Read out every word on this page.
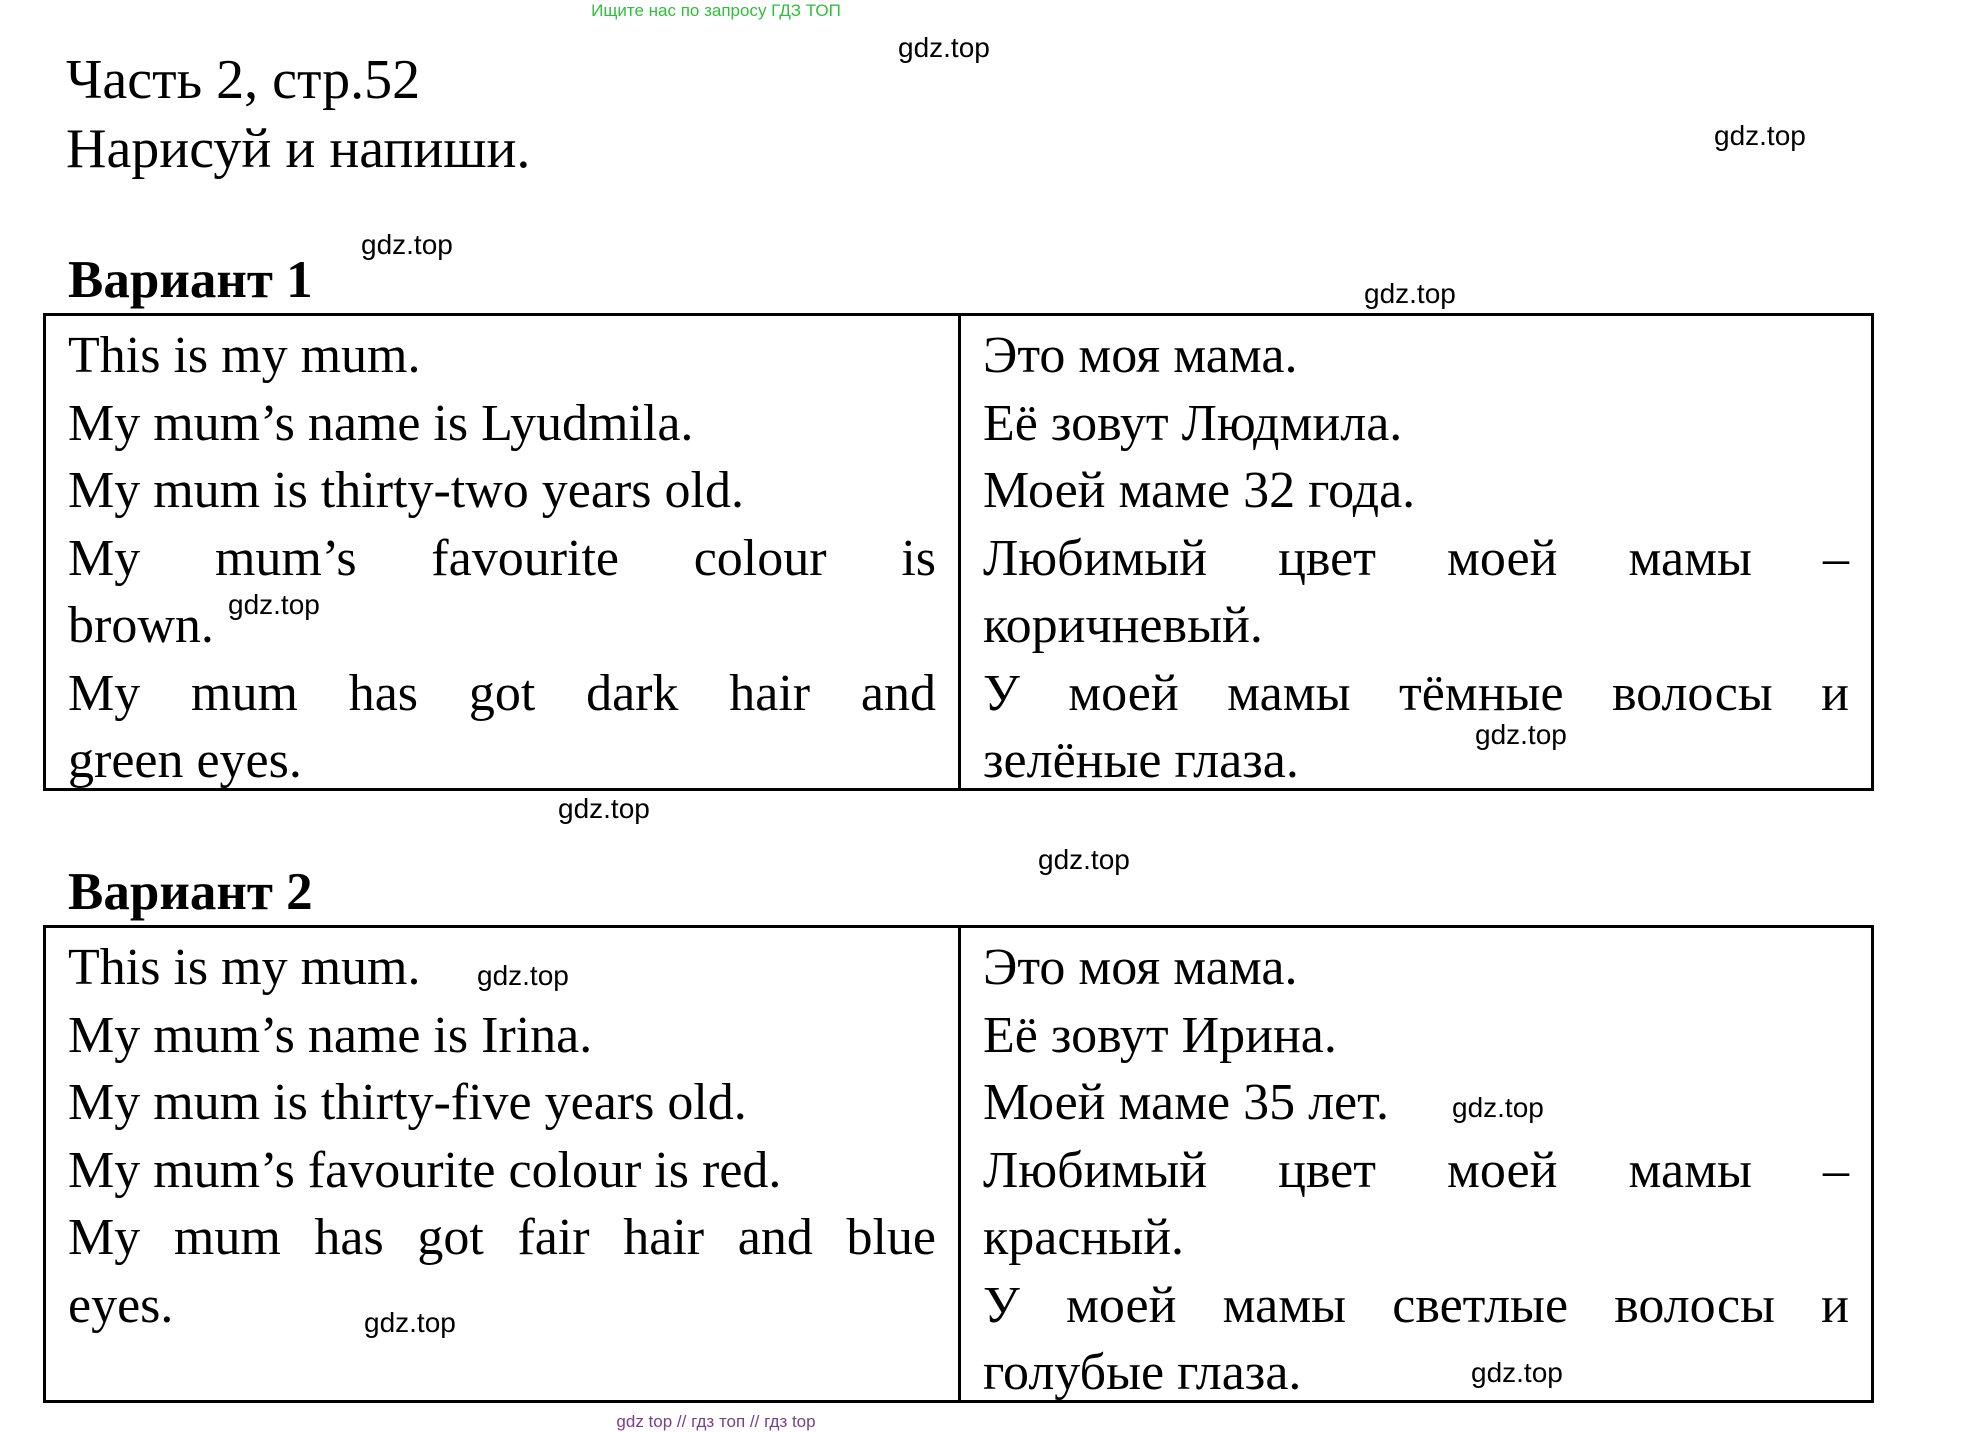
Ищите нас по запросу ГДЗ ТОП
Часть 2, стр.52
Нарисуй и напиши.
Вариант 1
This is my mum.
My mum’s name is Lyudmila.
My mum is thirty-two years old.
My mum’s favourite colour is
brown.
My mum has got dark hair and
green eyes.
Это моя мама.
Её зовут Людмила.
Моей маме 32 года.
Любимый цвет моей мамы –
коричневый.
У моей мамы тёмные волосы и
зелёные глаза.
Вариант 2
This is my mum.
My mum’s name is Irina.
My mum is thirty-five years old.
My mum’s favourite colour is red.
My mum has got fair hair and blue
eyes.
Это моя мама.
Её зовут Ирина.
Моей маме 35 лет.
Любимый цвет моей мамы –
красный.
У моей мамы светлые волосы и
голубые глаза.
gdz.top
gdz.top
gdz.top
gdz.top
gdz.top
gdz.top
gdz.top
gdz.top
gdz.top
gdz.top
gdz.top
gdz.top
gdz top // гдз топ // гдз top
